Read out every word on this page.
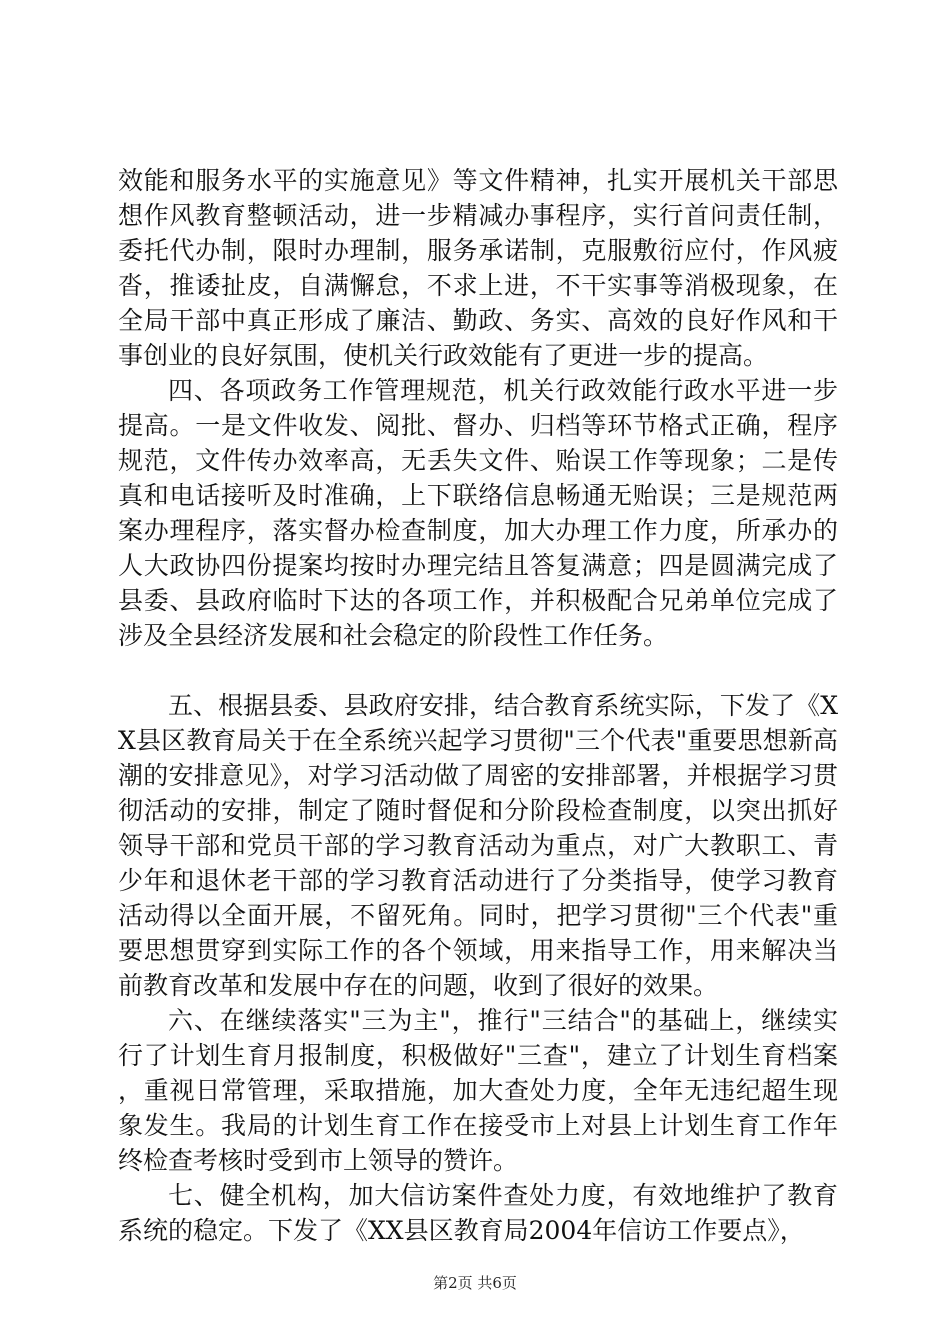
效能和服务水平的实施意见》等文件精神，扎实开展机关干部思想作风教育整顿活动，进一步精减办事程序，实行首问责任制，委托代办制，限时办理制，服务承诺制，克服敷衍应付，作风疲沓，推诿扯皮，自满懈怠，不求上进，不干实事等消极现象，在全局干部中真正形成了廉洁、勤政、务实、高效的良好作风和干事创业的良好氛围，使机关行政效能有了更进一步的提高。

四、各项政务工作管理规范，机关行政效能行政水平进一步提高。一是文件收发、阅批、督办、归档等环节格式正确，程序规范，文件传办效率高，无丢失文件、贻误工作等现象；二是传真和电话接听及时准确，上下联络信息畅通无贻误；三是规范两案办理程序，落实督办检查制度，加大办理工作力度，所承办的人大政协四份提案均按时办理完结且答复满意；四是圆满完成了县委、县政府临时下达的各项工作，并积极配合兄弟单位完成了涉及全县经济发展和社会稳定的阶段性工作任务。

五、根据县委、县政府安排，结合教育系统实际，下发了《XX县区教育局关于在全系统兴起学习贯彻"三个代表"重要思想新高潮的安排意见》，对学习活动做了周密的安排部署，并根据学习贯彻活动的安排，制定了随时督促和分阶段检查制度，以突出抓好领导干部和党员干部的学习教育活动为重点，对广大教职工、青少年和退休老干部的学习教育活动进行了分类指导，使学习教育活动得以全面开展，不留死角。同时，把学习贯彻"三个代表"重要思想贯穿到实际工作的各个领域，用来指导工作，用来解决当前教育改革和发展中存在的问题，收到了很好的效果。

六、在继续落实"三为主"，推行"三结合"的基础上，继续实行了计划生育月报制度，积极做好"三查"，建立了计划生育档案，重视日常管理，采取措施，加大查处力度，全年无违纪超生现象发生。我局的计划生育工作在接受市上对县上计划生育工作年终检查考核时受到市上领导的赞许。

七、健全机构，加大信访案件查处力度，有效地维护了教育系统的稳定。下发了《XX县区教育局2004年信访工作要点》，

第2页 共6页
